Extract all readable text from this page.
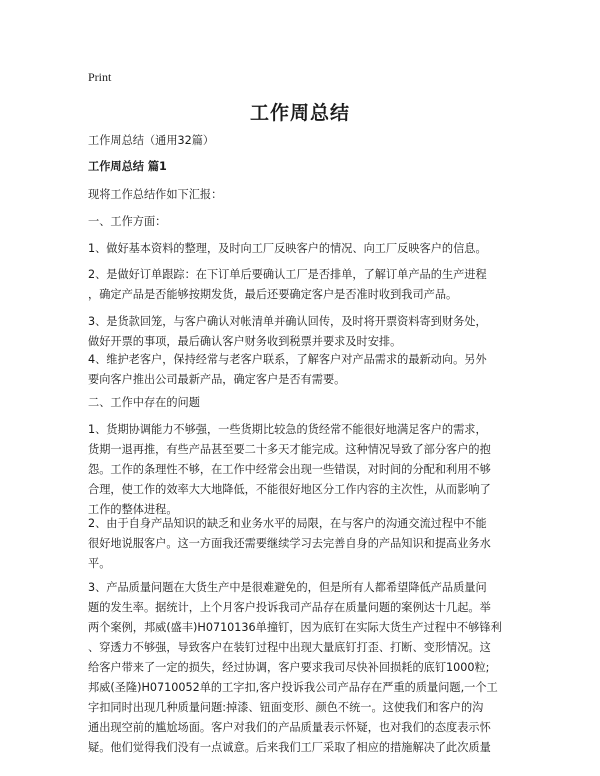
Print
工作周总结
工作周总结（通用32篇）
工作周总结 篇1
现将工作总结作如下汇报：
一、工作方面：
1、做好基本资料的整理，及时向工厂反映客户的情况、向工厂反映客户的信息。
2、是做好订单跟踪：在下订单后要确认工厂是否排单，了解订单产品的生产进程
，确定产品是否能够按期发货，最后还要确定客户是否准时收到我司产品。
3、是货款回笼，与客户确认对帐清单并确认回传，及时将开票资料寄到财务处，
做好开票的事项，最后确认客户财务收到税票并要求及时安排。
4、维护老客户，保持经常与老客户联系，了解客户对产品需求的最新动向。另外
要向客户推出公司最新产品，确定客户是否有需要。
二、工作中存在的问题
1、货期协调能力不够强，一些货期比较急的货经常不能很好地满足客户的需求，
货期一退再推，有些产品甚至要二十多天才能完成。这种情况导致了部分客户的抱
怨。工作的条理性不够，在工作中经常会出现一些错误，对时间的分配和利用不够
合理，使工作的效率大大地降低，不能很好地区分工作内容的主次性，从而影响了
工作的整体进程。
2、由于自身产品知识的缺乏和业务水平的局限，在与客户的沟通交流过程中不能
很好地说服客户。这一方面我还需要继续学习去完善自身的产品知识和提高业务水
平。
3、产品质量问题在大货生产中是很难避免的，但是所有人都希望降低产品质量问
题的发生率。据统计，上个月客户投诉我司产品存在质量问题的案例达十几起。举
两个案例，邦威(盛丰)H0710136单撞钉，因为底钉在实际大货生产过程中不够锋利
、穿透力不够强，导致客户在装钉过程中出现大量底钉打歪、打断、变形情况。这
给客户带来了一定的损失，经过协调，客户要求我司尽快补回损耗的底钉1000粒;
邦威(圣隆)H0710052单的工字扣,客户投诉我公司产品存在严重的质量问题,一个工
字扣同时出现几种质量问题:掉漆、钮面变形、颜色不统一。这使我们和客户的沟
通出现空前的尴尬场面。客户对我们的产品质量表示怀疑，也对我们的态度表示怀
疑。他们觉得我们没有一点诚意。后来我们工厂采取了相应的措施解决了此次质量
